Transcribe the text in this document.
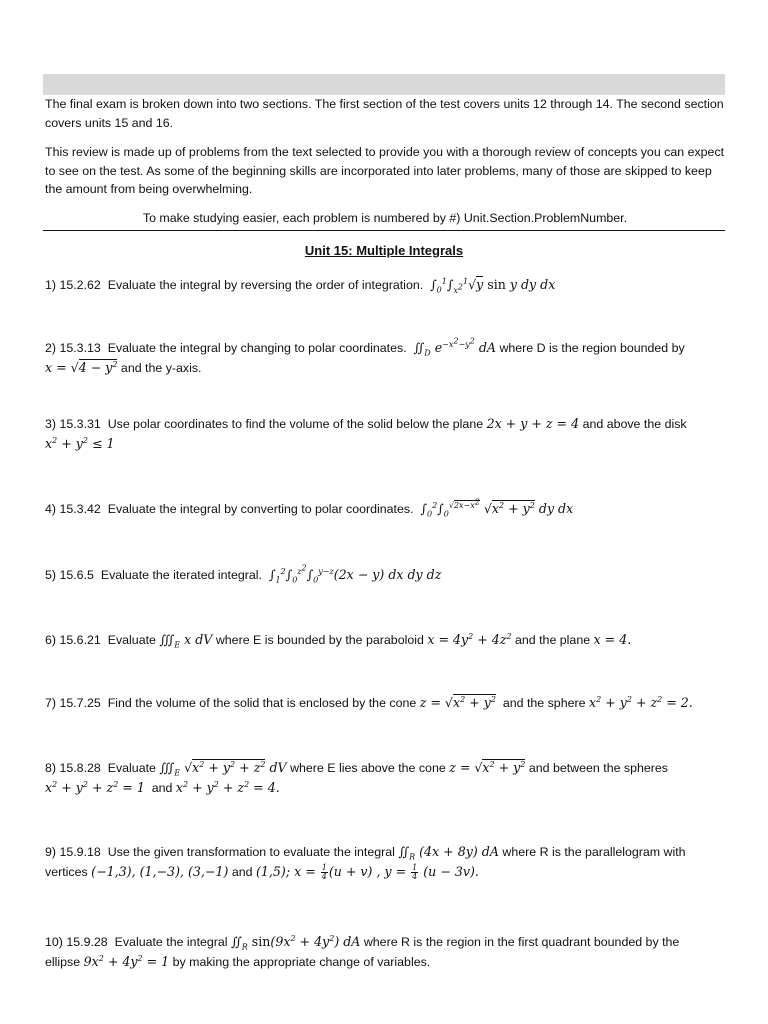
The final exam is broken down into two sections. The first section of the test covers units 12 through 14. The second section covers units 15 and 16.
This review is made up of problems from the text selected to provide you with a thorough review of concepts you can expect to see on the test. As some of the beginning skills are incorporated into later problems, many of those are skipped to keep the amount from being overwhelming.
To make studying easier, each problem is numbered by #) Unit.Section.ProblemNumber.
Unit 15: Multiple Integrals
1) 15.2.62 Evaluate the integral by reversing the order of integration. $\int_0^1\int_{x^2}^1√y$ sin y dy dx
2) 15.3.13 Evaluate the integral by changing to polar coordinates. $∬_D$ $e^{-x^2-y^2}$ dA where D is the region bounded by
$x = √4 - y^2$ and the y-axis.
3) 15.3.31 Use polar coordinates to find the volume of the solid below the plane 2x + y + z = 4 and above the disk
$x^2 + y^2 \le 1$
4) 15.3.42 Evaluate the integral by converting to polar coordinates. $\int_0^2\int_0^{√2x-x^2}$ $√x^2 + y^2$ dy dx
5) 15.6.5 Evaluate the iterated integral. $\int_1^2\int_0^{z^2}\int_0^{y-z}(2x - y)$ dx dy dz
6) 15.6.21 Evaluate $∭_E$ x dV where E is bounded by the paraboloid $x = 4y^2 + 4z^2$ and the plane x = 4.
7) 15.7.25 Find the volume of the solid that is enclosed by the cone $z = √x^2 + y^2$ and the sphere $x^2 + y^2 + z^2 = 2$.
8) 15.8.28 Evaluate $∭_E$ $√x^2 + y^2 + z^2$ dV where E lies above the cone $z = √x^2 + y^2$ and between the spheres
$x^2 + y^2 + z^2 = 1$ and $x^2 + y^2 + z^2 = 4$.
9) 15.9.18 Use the given transformation to evaluate the integral $∬_R$ (4x + 8y) dA where R is the parallelogram with
vertices (−1,3), (1,−3), (3,−1) and (1,5); $x = \frac{1}{4} (u + v)$ , $y = \frac{1}{4} (u - 3v)$.
10) 15.9.28 Evaluate the integral $∬_R$ $\sin(9x^2 + 4y^2)$ dA where R is the region in the first quadrant bounded by the
ellipse $9x^2 + 4y^2 = 1$ by making the appropriate change of variables.
